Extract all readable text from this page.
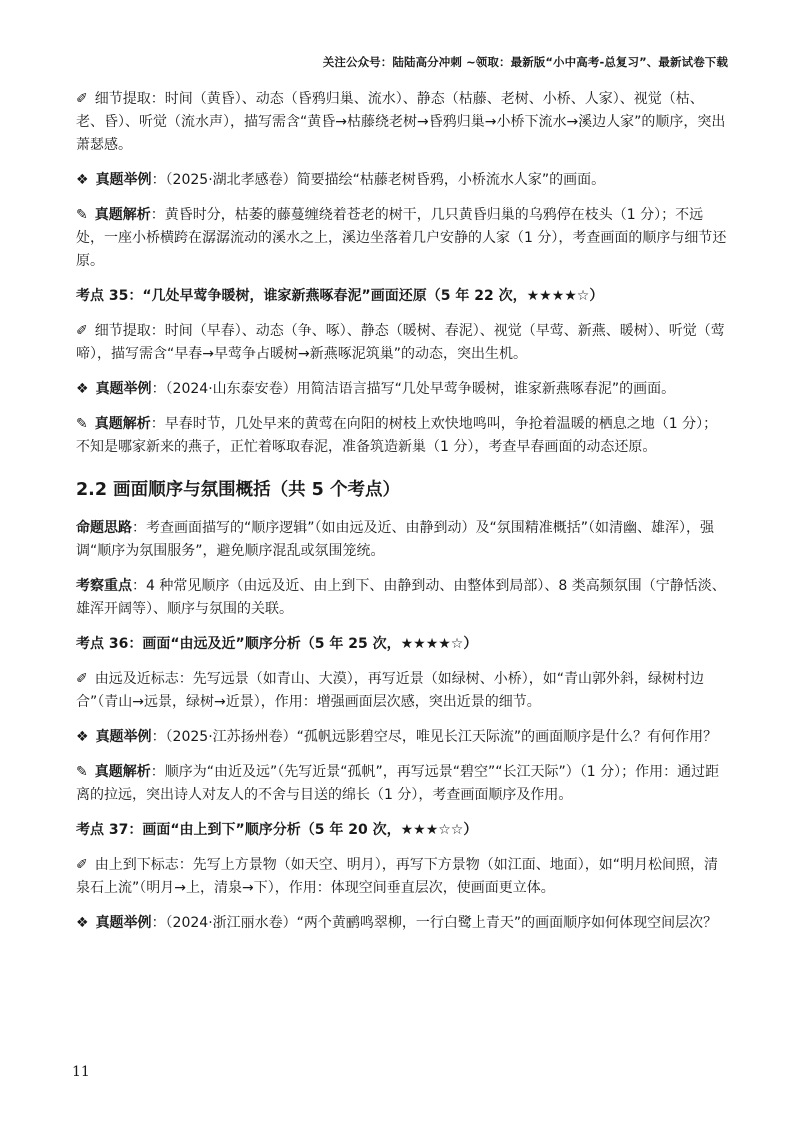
关注公众号：陆陆高分冲刺 ~领取：最新版“小中高考-总复习”、最新试卷下载

✐ 细节提取：时间（黄昏）、动态（昏鸦归巢、流水）、静态（枯藤、老树、小桥、人家）、视觉（枯、老、昏）、听觉（流水声），描写需含“黄昏→枯藤绕老树→昏鸦归巢→小桥下流水→溪边人家”的顺序，突出萧瑟感。

❖ 真题举例：（2025·湖北孝感卷）简要描绘“枯藤老树昏鸦，小桥流水人家”的画面。

✎ 真题解析：黄昏时分，枯萎的藤蔓缠绕着苍老的树干，几只黄昏归巢的乌鸦停在枝头（1 分）；不远处，一座小桥横跨在潺潺流动的溪水之上，溪边坐落着几户安静的人家（1 分），考查画面的顺序与细节还原。

考点 35：“几处早莺争暖树，谁家新燕啄春泥”画面还原（5 年 22 次，★★★★☆）

✐ 细节提取：时间（早春）、动态（争、啄）、静态（暖树、春泥）、视觉（早莺、新燕、暖树）、听觉（莺啼），描写需含“早春→早莺争占暖树→新燕啄泥筑巢”的动态，突出生机。

❖ 真题举例：（2024·山东泰安卷）用简洁语言描写“几处早莺争暖树，谁家新燕啄春泥”的画面。

✎ 真题解析：早春时节，几处早来的黄莺在向阳的树枝上欢快地鸣叫，争抢着温暖的栖息之地（1 分）；不知是哪家新来的燕子，正忙着啄取春泥，准备筑造新巢（1 分），考查早春画面的动态还原。

2.2 画面顺序与氛围概括（共 5 个考点）

命题思路：考查画面描写的“顺序逻辑”（如由远及近、由静到动）及“氛围精准概括”（如清幽、雄浑），强调“顺序为氛围服务”，避免顺序混乱或氛围笼统。

考察重点：4 种常见顺序（由远及近、由上到下、由静到动、由整体到局部）、8 类高频氛围（宁静恬淡、雄浑开阔等）、顺序与氛围的关联。

考点 36：画面“由远及近”顺序分析（5 年 25 次，★★★★☆）

✐ 由远及近标志：先写远景（如青山、大漠），再写近景（如绿树、小桥），如“青山郭外斜，绿树村边合”（青山→远景，绿树→近景），作用：增强画面层次感，突出近景的细节。

❖ 真题举例：（2025·江苏扬州卷）“孤帆远影碧空尽，唯见长江天际流”的画面顺序是什么？有何作用？

✎ 真题解析：顺序为“由近及远”（先写近景“孤帆”，再写远景“碧空”“长江天际”）（1 分）；作用：通过距离的拉远，突出诗人对友人的不舍与目送的绵长（1 分），考查画面顺序及作用。

考点 37：画面“由上到下”顺序分析（5 年 20 次，★★★☆☆）

✐ 由上到下标志：先写上方景物（如天空、明月），再写下方景物（如江面、地面），如“明月松间照，清泉石上流”（明月→上，清泉→下），作用：体现空间垂直层次，使画面更立体。

❖ 真题举例：（2024·浙江丽水卷）“两个黄鹂鸣翠柳，一行白鹭上青天”的画面顺序如何体现空间层次？

11
